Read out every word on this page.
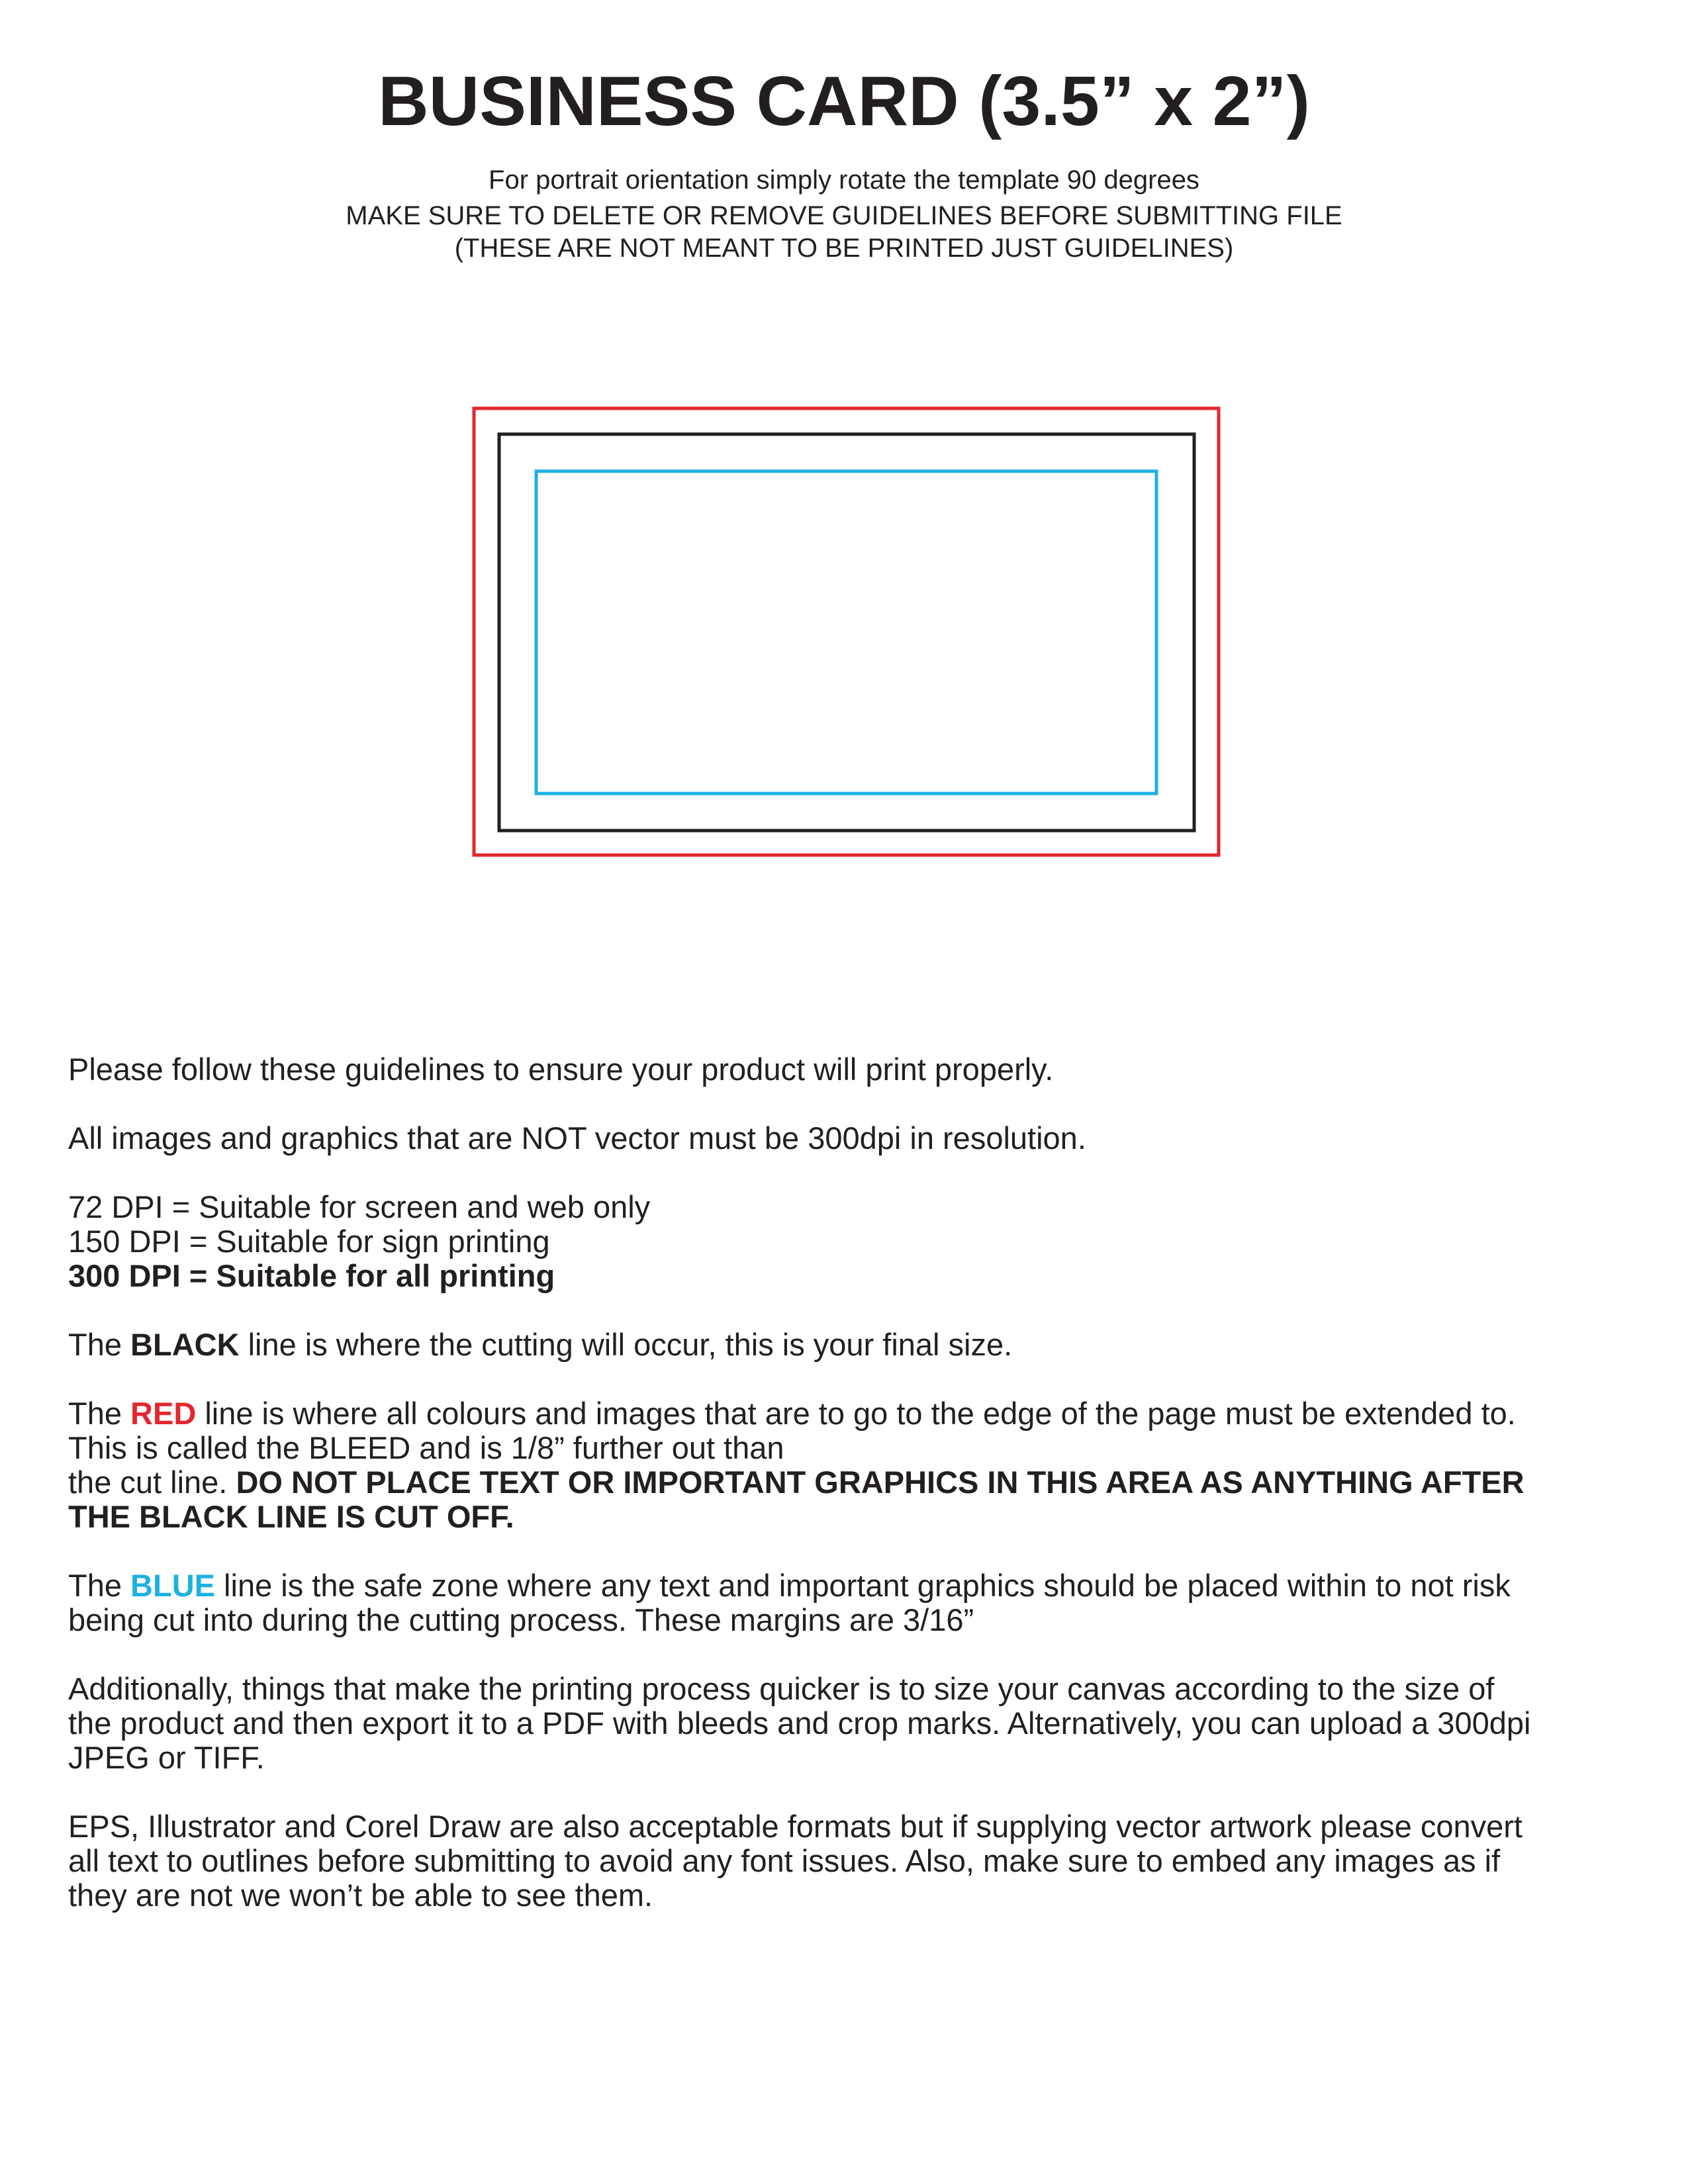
BUSINESS CARD (3.5” x 2”)
For portrait orientation simply rotate the template 90 degrees
MAKE SURE TO DELETE OR REMOVE GUIDELINES BEFORE SUBMITTING FILE
(THESE ARE NOT MEANT TO BE PRINTED JUST GUIDELINES)

Please follow these guidelines to ensure your product will print properly.

All images and graphics that are NOT vector must be 300dpi in resolution.

72 DPI = Suitable for screen and web only
150 DPI = Suitable for sign printing
300 DPI = Suitable for all printing

The BLACK line is where the cutting will occur, this is your final size.

The RED line is where all colours and images that are to go to the edge of the page must be extended to.
This is called the BLEED and is 1/8” further out than
the cut line. DO NOT PLACE TEXT OR IMPORTANT GRAPHICS IN THIS AREA AS ANYTHING AFTER
THE BLACK LINE IS CUT OFF.

The BLUE line is the safe zone where any text and important graphics should be placed within to not risk
being cut into during the cutting process. These margins are 3/16”

Additionally, things that make the printing process quicker is to size your canvas according to the size of
the product and then export it to a PDF with bleeds and crop marks. Alternatively, you can upload a 300dpi
JPEG or TIFF.

EPS, Illustrator and Corel Draw are also acceptable formats but if supplying vector artwork please convert
all text to outlines before submitting to avoid any font issues. Also, make sure to embed any images as if
they are not we won’t be able to see them.
